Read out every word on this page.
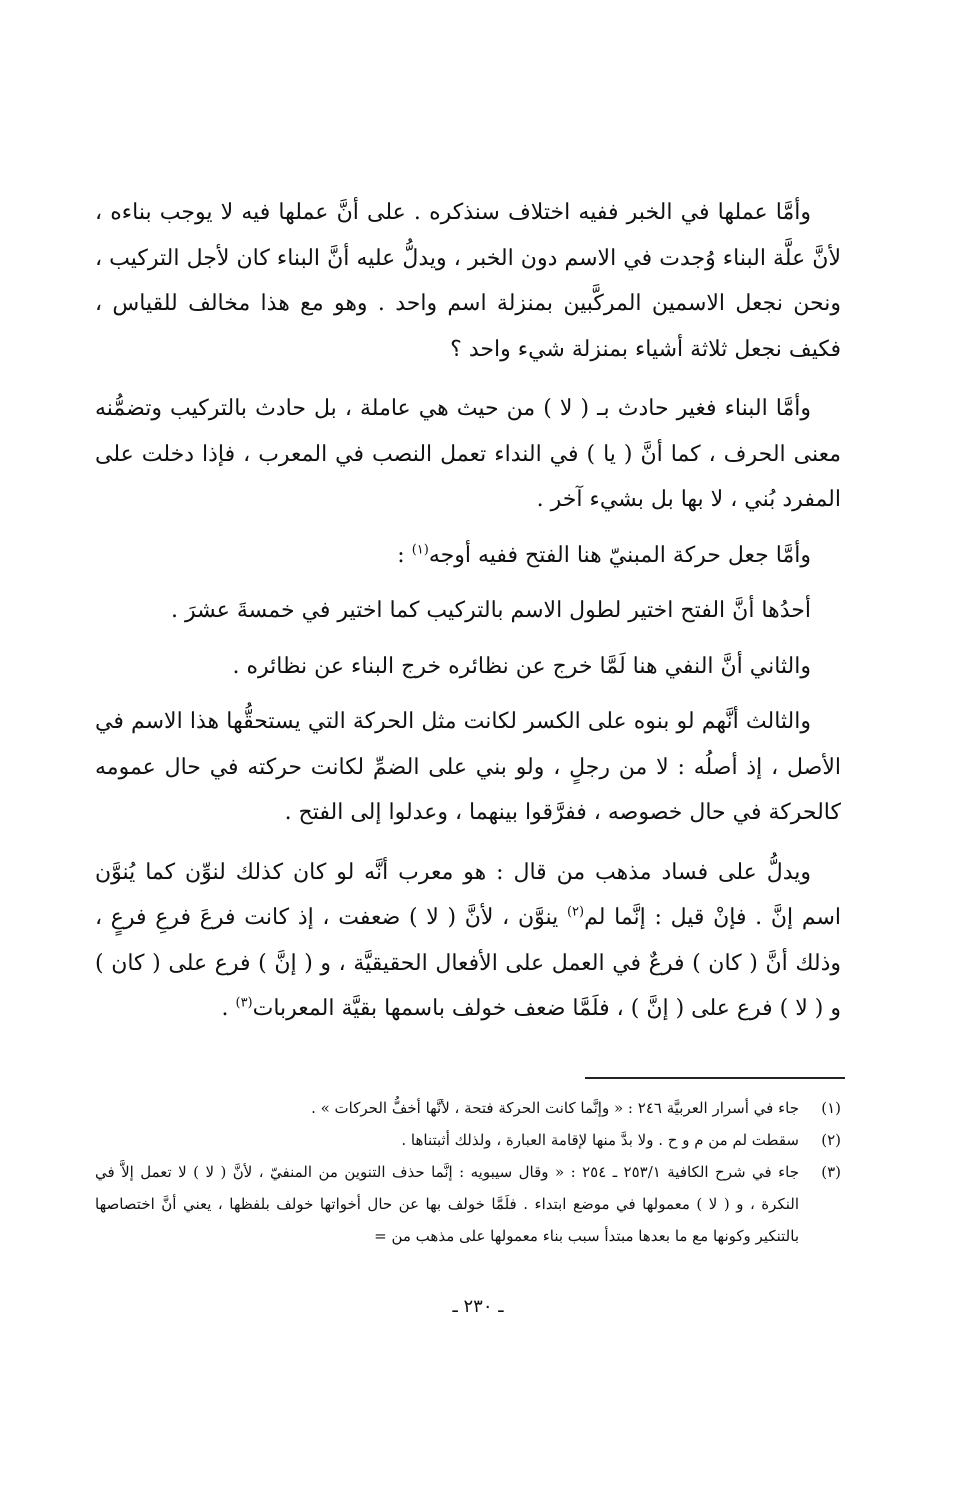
وأمَّا عملها في الخبر ففيه اختلاف سنذكره . على أنَّ عملها فيه لا يوجب بناءه ، لأنَّ علَّة البناء وُجدت في الاسم دون الخبر ، ويدلُّ عليه أنَّ البناء كان لأجل التركيب ، ونحن نجعل الاسمين المركَّبين بمنزلة اسم واحد . وهو مع هذا مخالف للقياس ، فكيف نجعل ثلاثة أشياء بمنزلة شيء واحد ؟

وأمَّا البناء فغير حادث بـ ( لا ) من حيث هي عاملة ، بل حادث بالتركيب وتضمُّنه معنى الحرف ، كما أنَّ ( يا ) في النداء تعمل النصب في المعرب ، فإذا دخلت على المفرد بُني ، لا بها بل بشيء آخر .

وأمَّا جعل حركة المبنيّ هنا الفتح ففيه أوجه$^{(١)}$ :

أحدُها أنَّ الفتح اختير لطول الاسم بالتركيب كما اختير في خمسةَ عشرَ .

والثاني أنَّ النفي هنا لَمَّا خرج عن نظائره خرج البناء عن نظائره .

والثالث أنَّهم لو بنوه على الكسر لكانت مثل الحركة التي يستحقُّها هذا الاسم في الأصل ، إذ أصلُه : لا من رجلٍ ، ولو بني على الضمِّ لكانت حركته في حال عمومه كالحركة في حال خصوصه ، ففرَّقوا بينهما ، وعدلوا إلى الفتح .

ويدلُّ على فساد مذهب من قال : هو معرب أنَّه لو كان كذلك لنوِّن كما يُنوَّن اسم إنَّ . فإنْ قيل : إنَّما لم$^{(٢)}$ ينوَّن ، لأنَّ ( لا ) ضعفت ، إذ كانت فرعَ فرعِ فرعٍ ، وذلك أنَّ ( كان ) فرعٌ في العمل على الأفعال الحقيقيَّة ، و ( إنَّ ) فرع على ( كان ) و ( لا ) فرع على ( إنَّ ) ، فلَمَّا ضعف خولف باسمها بقيَّة المعربات$^{(٣)}$ .

(١)
جاء في أسرار العربيَّة ٢٤٦ : « وإنَّما كانت الحركة فتحة ، لأنَّها أخفُّ الحركات » .
(٢)
سقطت لم من م و ح . ولا بدَّ منها لإقامة العبارة ، ولذلك أثبتناها .
(٣)
جاء في شرح الكافية ٢٥٣/١ ـ ٢٥٤ : « وقال سيبويه : إنَّما حذف التنوين من المنفيّ ، لأنَّ ( لا ) لا تعمل إلاَّ في النكرة ، و ( لا ) معمولها في موضع ابتداء . فلَمَّا خولف بها عن حال أخواتها خولف بلفظها ، يعني أنَّ اختصاصها بالتنكير وكونها مع ما بعدها مبتدأ سبب بناء معمولها على مذهب من =
ـ ٢٣٠ ـ
